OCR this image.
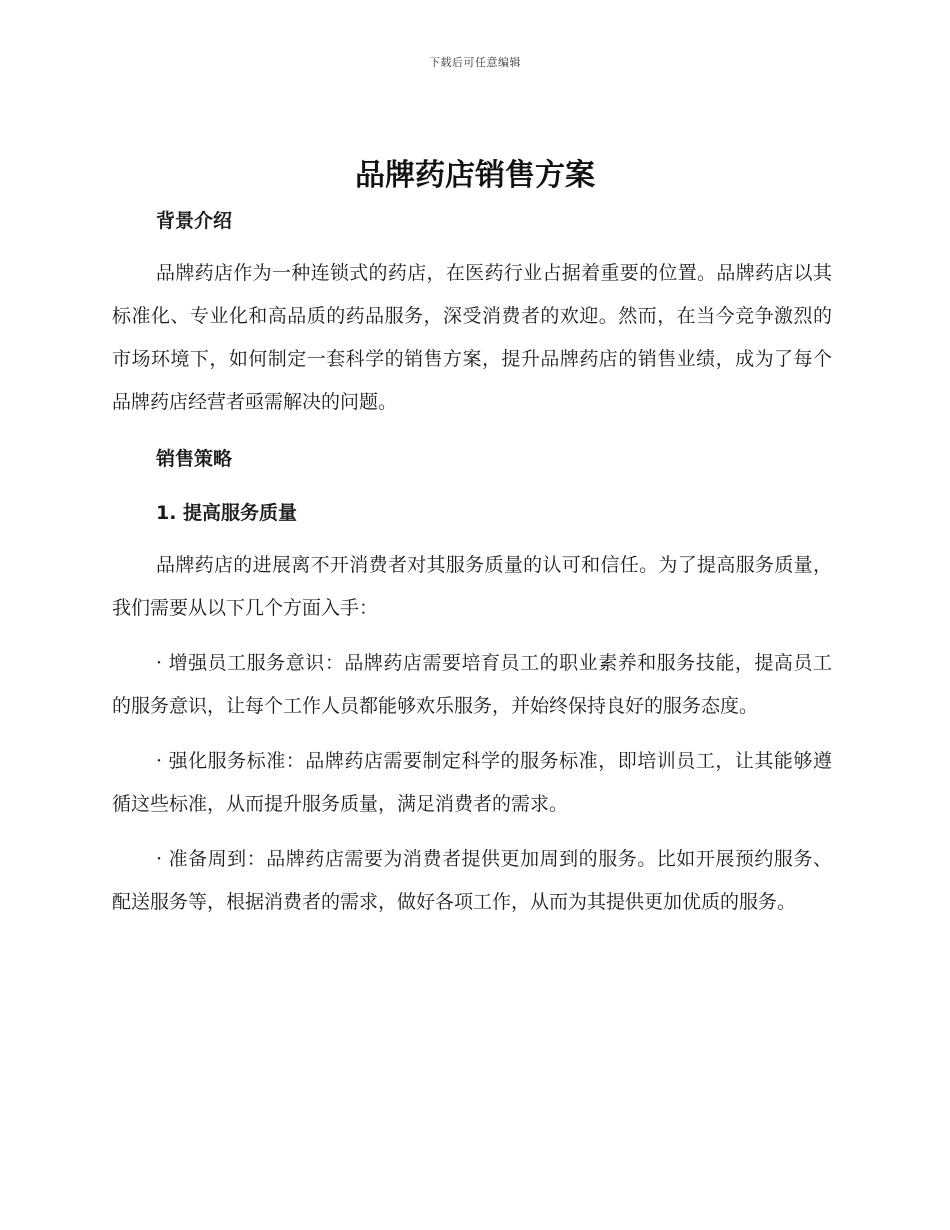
下载后可任意编辑
品牌药店销售方案
背景介绍

品牌药店作为一种连锁式的药店，在医药行业占据着重要的位置。品牌药店以其标准化、专业化和高品质的药品服务，深受消费者的欢迎。然而，在当今竞争激烈的市场环境下，如何制定一套科学的销售方案，提升品牌药店的销售业绩，成为了每个品牌药店经营者亟需解决的问题。

销售策略
1. 提高服务质量

品牌药店的进展离不开消费者对其服务质量的认可和信任。为了提高服务质量，我们需要从以下几个方面入手：

· 增强员工服务意识：品牌药店需要培育员工的职业素养和服务技能，提高员工的服务意识，让每个工作人员都能够欢乐服务，并始终保持良好的服务态度。

· 强化服务标准：品牌药店需要制定科学的服务标准，即培训员工，让其能够遵循这些标准，从而提升服务质量，满足消费者的需求。

· 准备周到：品牌药店需要为消费者提供更加周到的服务。比如开展预约服务、配送服务等，根据消费者的需求，做好各项工作，从而为其提供更加优质的服务。
